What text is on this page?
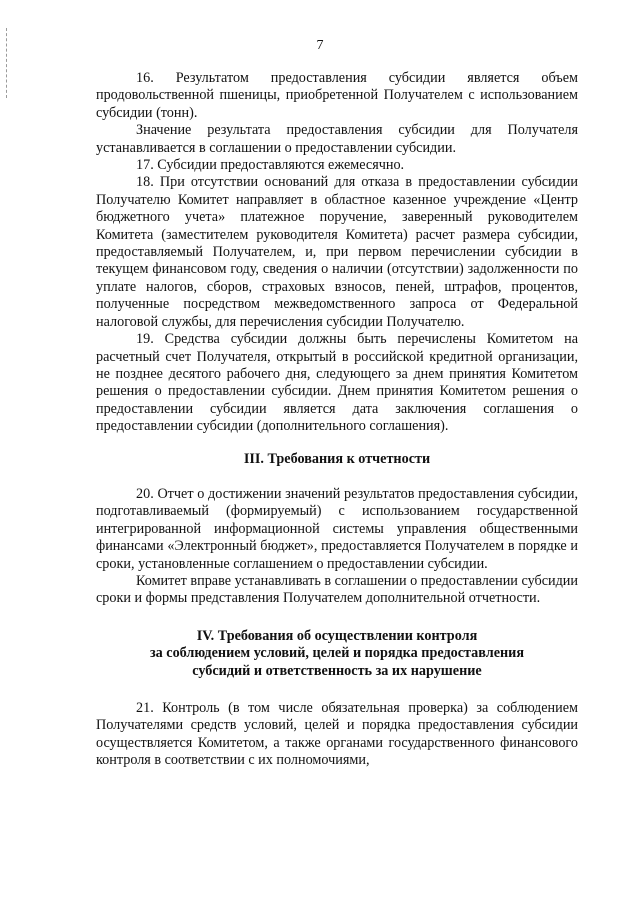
7

16. Результатом предоставления субсидии является объем продовольственной пшеницы, приобретенной Получателем с использованием субсидии (тонн).

Значение результата предоставления субсидии для Получателя устанавливается в соглашении о предоставлении субсидии.

17. Субсидии предоставляются ежемесячно.

18. При отсутствии оснований для отказа в предоставлении субсидии Получателю Комитет направляет в областное казенное учреждение «Центр бюджетного учета» платежное поручение, заверенный руководителем Комитета (заместителем руководителя Комитета) расчет размера субсидии, предоставляемый Получателем, и, при первом перечислении субсидии в текущем финансовом году, сведения о наличии (отсутствии) задолженности по уплате налогов, сборов, страховых взносов, пеней, штрафов, процентов, полученные посредством межведомственного запроса от Федеральной налоговой службы, для перечисления субсидии Получателю.

19. Средства субсидии должны быть перечислены Комитетом на расчетный счет Получателя, открытый в российской кредитной организации, не позднее десятого рабочего дня, следующего за днем принятия Комитетом решения о предоставлении субсидии. Днем принятия Комитетом решения о предоставлении субсидии является дата заключения соглашения о предоставлении субсидии (дополнительного соглашения).

III. Требования к отчетности

20. Отчет о достижении значений результатов предоставления субсидии, подготавливаемый (формируемый) с использованием государственной интегрированной информационной системы управления общественными финансами «Электронный бюджет», предоставляется Получателем в порядке и сроки, установленные соглашением о предоставлении субсидии.

Комитет вправе устанавливать в соглашении о предоставлении субсидии сроки и формы представления Получателем дополнительной отчетности.

IV. Требования об осуществлении контроля
за соблюдением условий, целей и порядка предоставления
субсидий и ответственность за их нарушение

21. Контроль (в том числе обязательная проверка) за соблюдением Получателями средств условий, целей и порядка предоставления субсидии осуществляется Комитетом, а также органами государственного финансового контроля в соответствии с их полномочиями,
